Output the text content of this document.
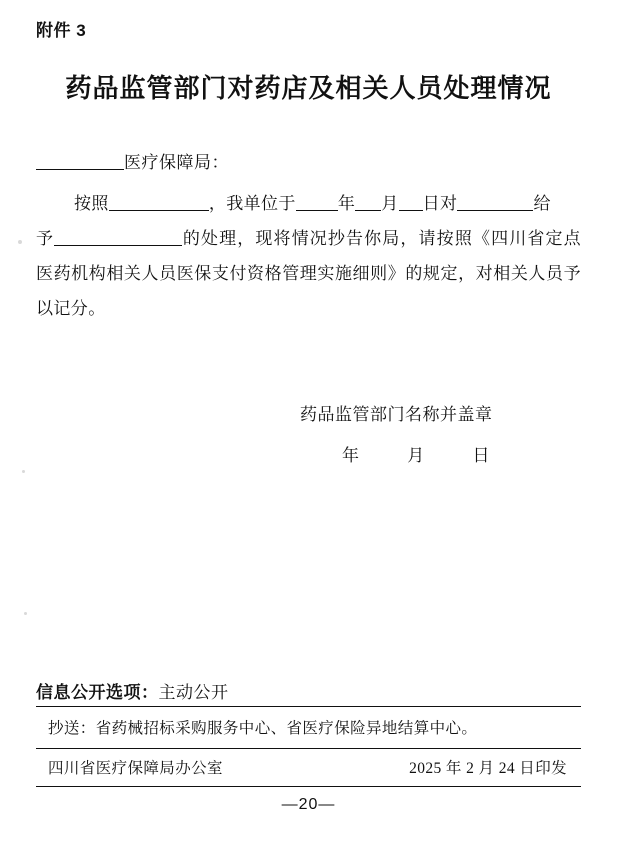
附件 3
药品监管部门对药店及相关人员处理情况
医疗保障局：
按照	，我单位于 年 月 日对	给
予	的处理，现将情况抄告你局，请按照《四川省定点医药机构相关人员医保支付资格管理实施细则》的规定，对相关人员予以记分。
药品监管部门名称并盖章
年 月 日
信息公开选项：主动公开
抄送：省药械招标采购服务中心、省医疗保险异地结算中心。
四川省医疗保障局办公室	2025 年 2 月 24 日印发
—20—
